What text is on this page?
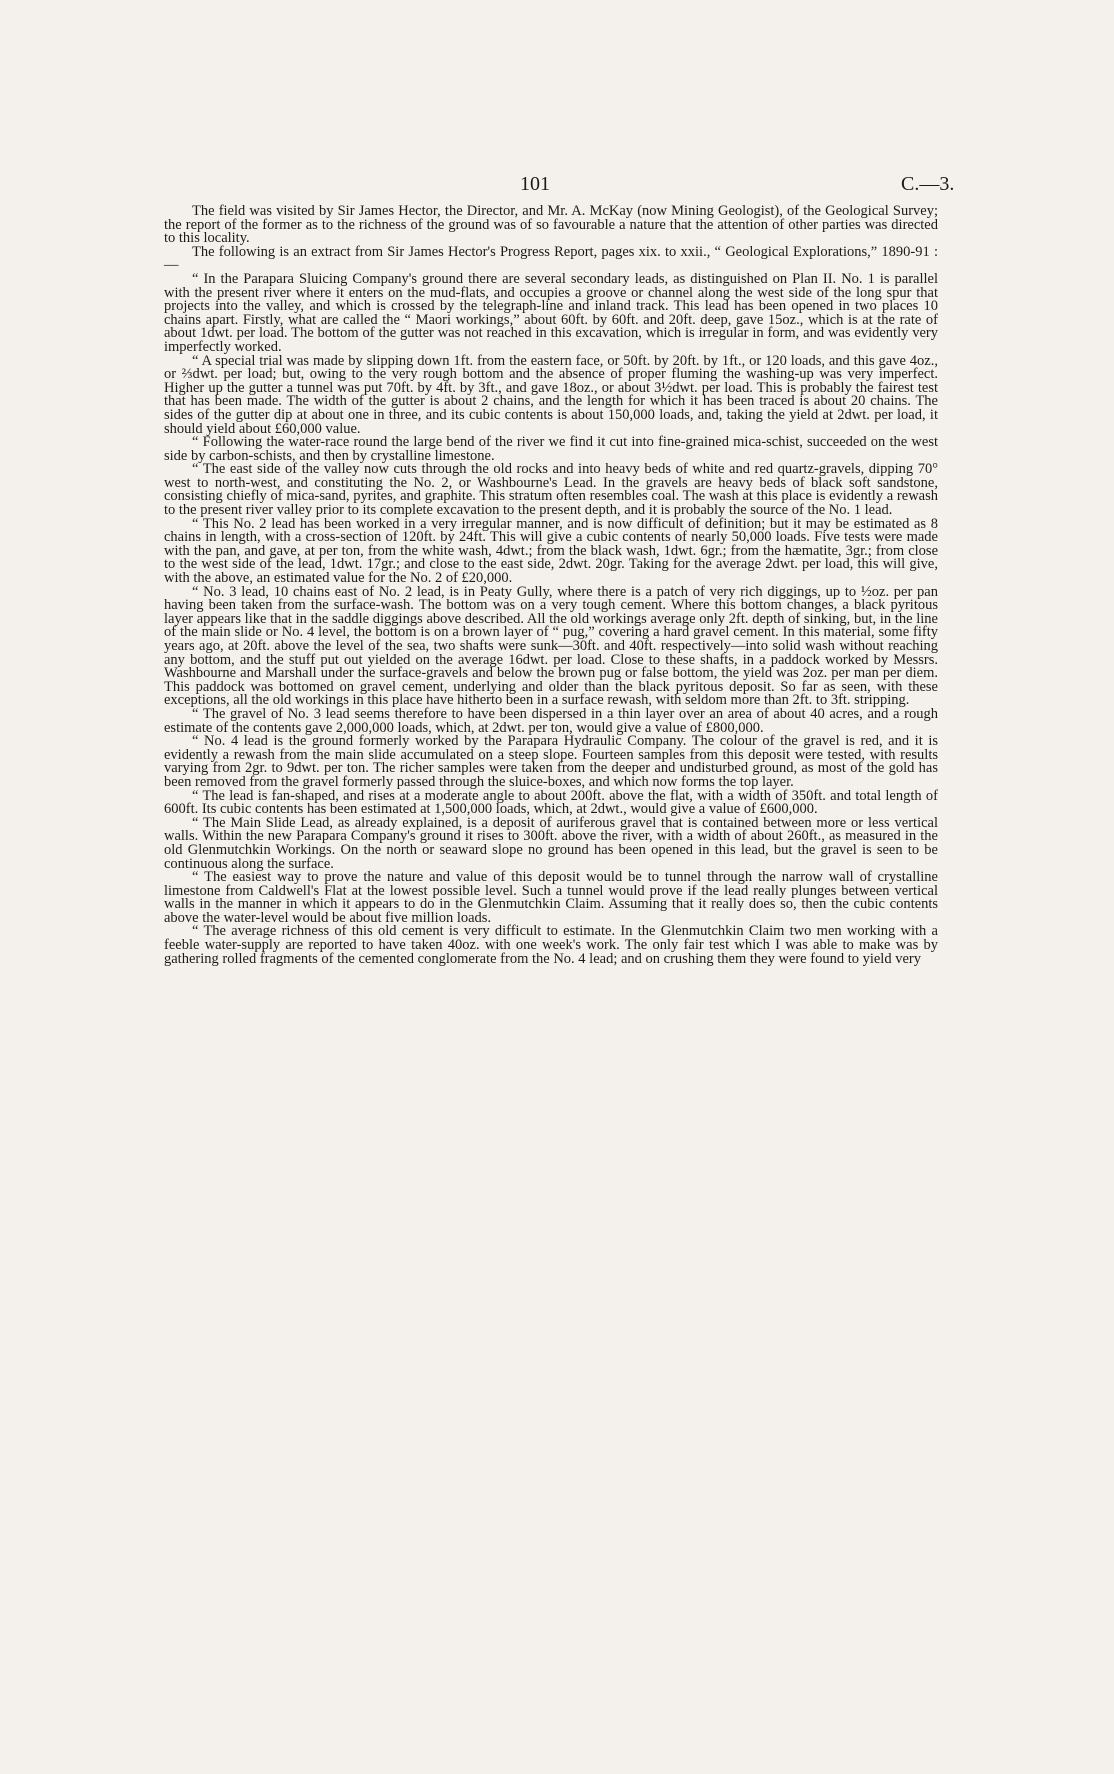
101	C.—3.

The field was visited by Sir James Hector, the Director, and Mr. A. McKay (now Mining Geologist), of the Geological Survey; the report of the former as to the richness of the ground was of so favourable a nature that the attention of other parties was directed to this locality.

The following is an extract from Sir James Hector's Progress Report, pages xix. to xxii., “ Geological Explorations,” 1890-91 :—

“ In the Parapara Sluicing Company's ground there are several secondary leads, as distinguished on Plan II. No. 1 is parallel with the present river where it enters on the mud-flats, and occupies a groove or channel along the west side of the long spur that projects into the valley, and which is crossed by the telegraph-line and inland track. This lead has been opened in two places 10 chains apart. Firstly, what are called the “ Maori workings,” about 60ft. by 60ft. and 20ft. deep, gave 15oz., which is at the rate of about 1dwt. per load. The bottom of the gutter was not reached in this excavation, which is irregular in form, and was evidently very imperfectly worked.

“ A special trial was made by slipping down 1ft. from the eastern face, or 50ft. by 20ft. by 1ft., or 120 loads, and this gave 4oz., or ⅔dwt. per load; but, owing to the very rough bottom and the absence of proper fluming the washing-up was very imperfect. Higher up the gutter a tunnel was put 70ft. by 4ft. by 3ft., and gave 18oz., or about 3½dwt. per load. This is probably the fairest test that has been made. The width of the gutter is about 2 chains, and the length for which it has been traced is about 20 chains. The sides of the gutter dip at about one in three, and its cubic contents is about 150,000 loads, and, taking the yield at 2dwt. per load, it should yield about £60,000 value.

“ Following the water-race round the large bend of the river we find it cut into fine-grained mica-schist, succeeded on the west side by carbon-schists, and then by crystalline limestone.

“ The east side of the valley now cuts through the old rocks and into heavy beds of white and red quartz-gravels, dipping 70° west to north-west, and constituting the No. 2, or Washbourne's Lead. In the gravels are heavy beds of black soft sandstone, consisting chiefly of mica-sand, pyrites, and graphite. This stratum often resembles coal. The wash at this place is evidently a rewash to the present river valley prior to its complete excavation to the present depth, and it is probably the source of the No. 1 lead.

“ This No. 2 lead has been worked in a very irregular manner, and is now difficult of definition; but it may be estimated as 8 chains in length, with a cross-section of 120ft. by 24ft. This will give a cubic contents of nearly 50,000 loads. Five tests were made with the pan, and gave, at per ton, from the white wash, 4dwt.; from the black wash, 1dwt. 6gr.; from the hæmatite, 3gr.; from close to the west side of the lead, 1dwt. 17gr.; and close to the east side, 2dwt. 20gr. Taking for the average 2dwt. per load, this will give, with the above, an estimated value for the No. 2 of £20,000.

“ No. 3 lead, 10 chains east of No. 2 lead, is in Peaty Gully, where there is a patch of very rich diggings, up to ½oz. per pan having been taken from the surface-wash. The bottom was on a very tough cement. Where this bottom changes, a black pyritous layer appears like that in the saddle diggings above described. All the old workings average only 2ft. depth of sinking, but, in the line of the main slide or No. 4 level, the bottom is on a brown layer of “ pug,” covering a hard gravel cement. In this material, some fifty years ago, at 20ft. above the level of the sea, two shafts were sunk—30ft. and 40ft. respectively—into solid wash without reaching any bottom, and the stuff put out yielded on the average 16dwt. per load. Close to these shafts, in a paddock worked by Messrs. Washbourne and Marshall under the surface-gravels and below the brown pug or false bottom, the yield was 2oz. per man per diem. This paddock was bottomed on gravel cement, underlying and older than the black pyritous deposit. So far as seen, with these exceptions, all the old workings in this place have hitherto been in a surface rewash, with seldom more than 2ft. to 3ft. stripping.

“ The gravel of No. 3 lead seems therefore to have been dispersed in a thin layer over an area of about 40 acres, and a rough estimate of the contents gave 2,000,000 loads, which, at 2dwt. per ton, would give a value of £800,000.

“ No. 4 lead is the ground formerly worked by the Parapara Hydraulic Company. The colour of the gravel is red, and it is evidently a rewash from the main slide accumulated on a steep slope. Fourteen samples from this deposit were tested, with results varying from 2gr. to 9dwt. per ton. The richer samples were taken from the deeper and undisturbed ground, as most of the gold has been removed from the gravel formerly passed through the sluice-boxes, and which now forms the top layer.

“ The lead is fan-shaped, and rises at a moderate angle to about 200ft. above the flat, with a width of 350ft. and total length of 600ft. Its cubic contents has been estimated at 1,500,000 loads, which, at 2dwt., would give a value of £600,000.

“ The Main Slide Lead, as already explained, is a deposit of auriferous gravel that is contained between more or less vertical walls. Within the new Parapara Company's ground it rises to 300ft. above the river, with a width of about 260ft., as measured in the old Glenmutchkin Workings. On the north or seaward slope no ground has been opened in this lead, but the gravel is seen to be continuous along the surface.

“ The easiest way to prove the nature and value of this deposit would be to tunnel through the narrow wall of crystalline limestone from Caldwell's Flat at the lowest possible level. Such a tunnel would prove if the lead really plunges between vertical walls in the manner in which it appears to do in the Glenmutchkin Claim. Assuming that it really does so, then the cubic contents above the water-level would be about five million loads.

“ The average richness of this old cement is very difficult to estimate. In the Glenmutchkin Claim two men working with a feeble water-supply are reported to have taken 40oz. with one week's work. The only fair test which I was able to make was by gathering rolled fragments of the cemented conglomerate from the No. 4 lead; and on crushing them they were found to yield very
